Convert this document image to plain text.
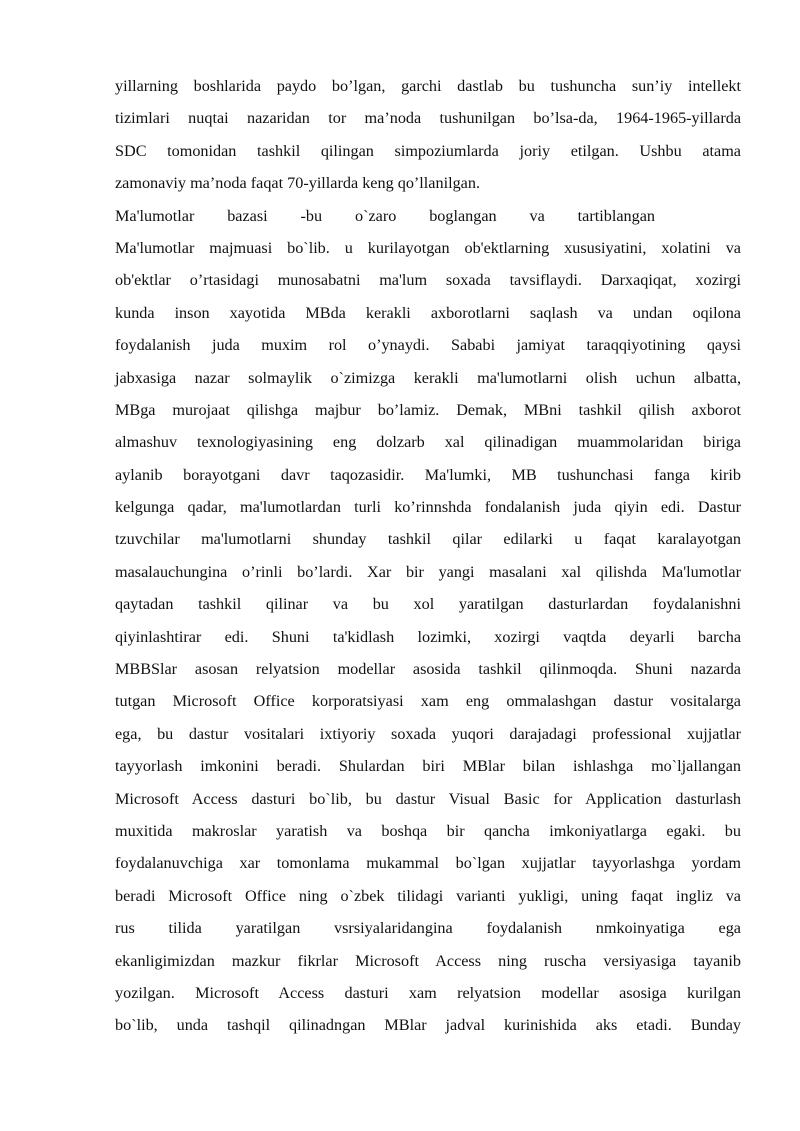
yillarning boshlarida paydo bo’lgan, garchi dastlab bu tushuncha sun’iy intellekt
tizimlari nuqtai nazaridan tor ma’noda tushunilgan bo’lsa-da, 1964-1965-yillarda
SDC tomonidan tashkil qilingan simpoziumlarda joriy etilgan. Ushbu atama
zamonaviy ma’noda faqat 70-yillarda keng qo’llanilgan.
Ma'lumotlar bazasi -bu o`zaro boglangan va tartiblangan
Ma'lumotlar majmuasi bo`lib. u kurilayotgan ob'ektlarning xususiyatini, xolatini va
ob'ektlar o’rtasidagi munosabatni ma'lum soxada tavsiflaydi. Darxaqiqat, xozirgi
kunda inson xayotida MBda kerakli axborotlarni saqlash va undan oqilona
foydalanish juda muxim rol o’ynaydi. Sababi jamiyat taraqqiyotining qaysi
jabxasiga nazar solmaylik o`zimizga kerakli ma'lumotlarni olish uchun albatta,
MBga murojaat qilishga majbur bo’lamiz. Demak, MBni tashkil qilish axborot
almashuv texnologiyasining eng dolzarb xal qilinadigan muammolaridan biriga
aylanib borayotgani davr taqozasidir. Ma'lumki, MB tushunchasi fanga kirib
kelgunga qadar, ma'lumotlardan turli ko’rinnshda fondalanish juda qiyin edi. Dastur
tzuvchilar ma'lumotlarni shunday tashkil qilar edilarki u faqat karalayotgan
masalauchungina o’rinli bo’lardi. Xar bir yangi masalani xal qilishda Ma'lumotlar
qaytadan tashkil qilinar va bu xol yaratilgan dasturlardan foydalanishni
qiyinlashtirar edi. Shuni ta'kidlash lozimki, xozirgi vaqtda deyarli barcha
MBBSlar asosan relyatsion modellar asosida tashkil qilinmoqda. Shuni nazarda
tutgan Microsoft Office korporatsiyasi xam eng ommalashgan dastur vositalarga
ega, bu dastur vositalari ixtiyoriy soxada yuqori darajadagi professional xujjatlar
tayyorlash imkonini beradi. Shulardan biri MBlar bilan ishlashga mo`ljallangan
Microsoft Access dasturi bo`lib, bu dastur Visual Basic for Application dasturlash
muxitida makroslar yaratish va boshqa bir qancha imkoniyatlarga egaki. bu
foydalanuvchiga xar tomonlama mukammal bo`lgan xujjatlar tayyorlashga yordam
beradi Microsoft Office ning o`zbek tilidagi varianti yukligi, uning faqat ingliz va
rus tilida yaratilgan vsrsiyalaridangina foydalanish nmkoinyatiga ega
ekanligimizdan mazkur fikrlar Microsoft Access ning ruscha versiyasiga tayanib
yozilgan. Microsoft Access dasturi xam relyatsion modellar asosiga kurilgan
bo`lib, unda tashqil qilinadngan MBlar jadval kurinishida aks etadi. Bunday
